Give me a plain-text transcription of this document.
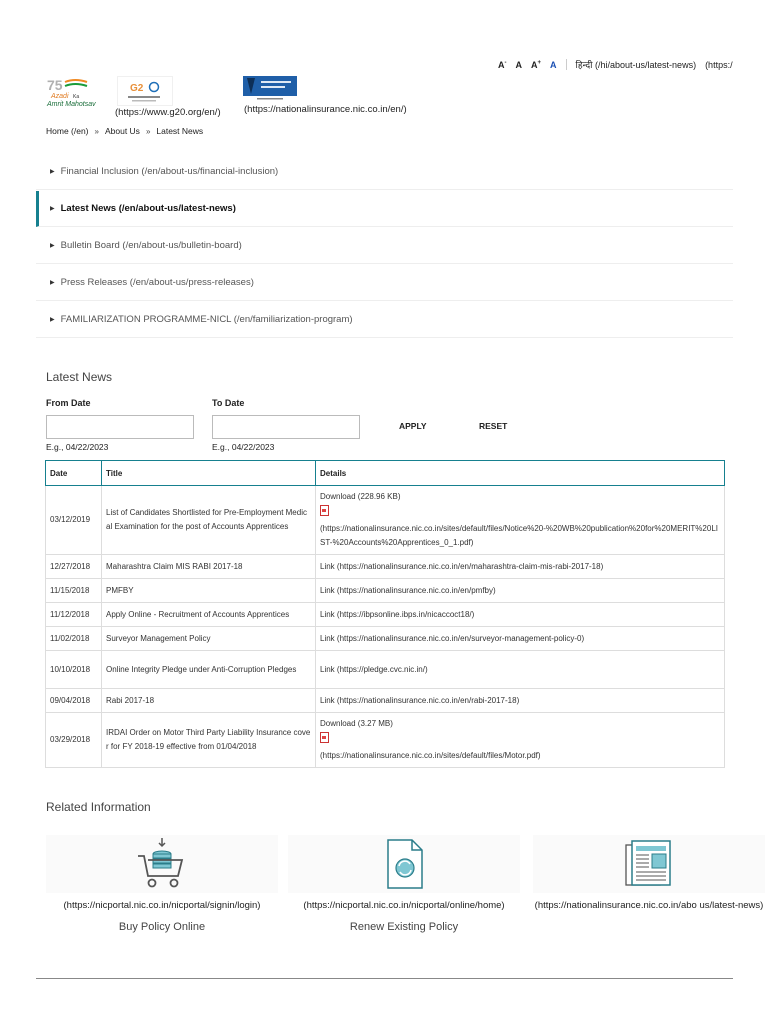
A- A A+ A हिन्दी (/hi/about-us/latest-news) (https:/
75
Azadi Ka
Amrit Mahotsav
G2
(https://www.g20.org/en/) (https://nationalinsurance.nic.co.in/en/)
Home (/en) » About Us » Latest News
▶ Financial Inclusion (/en/about-us/financial-inclusion)
▶ Latest News (/en/about-us/latest-news)
▶ Bulletin Board (/en/about-us/bulletin-board)
▶ Press Releases (/en/about-us/press-releases)
▶ FAMILIARIZATION PROGRAMME-NICL (/en/familiarization-program)
Latest News
From Date	To Date
E.g., 04/22/2023	E.g., 04/22/2023
APPLY	RESET
Date	Title	Details
03/12/2019	List of Candidates Shortlisted for Pre-Employment Medical Examination for the post of Accounts Apprentices	Download (228.96 KB)

(https://nationalinsurance.nic.co.in/sites/default/files/Notice%20-%20WB%20publication%20for%20MERIT%20LIST-%20Accounts%20Apprentices_0_1.pdf)
12/27/2018	Maharashtra Claim MIS RABI 2017-18	Link (https://nationalinsurance.nic.co.in/en/maharashtra-claim-mis-rabi-2017-18)
11/15/2018	PMFBY	Link (https://nationalinsurance.nic.co.in/en/pmfby)
11/12/2018	Apply Online - Recruitment of Accounts Apprentices	Link (https://ibpsonline.ibps.in/nicaccoct18/)
11/02/2018	Surveyor Management Policy	Link (https://nationalinsurance.nic.co.in/en/surveyor-management-policy-0)
10/10/2018	Online Integrity Pledge under Anti-Corruption Pledges	Link (https://pledge.cvc.nic.in/)
09/04/2018	Rabi 2017-18	Link (https://nationalinsurance.nic.co.in/en/rabi-2017-18)
03/29/2018	IRDAI Order on Motor Third Party Liability Insurance cover for FY 2018-19 effective from 01/04/2018	Download (3.27 MB)

(https://nationalinsurance.nic.co.in/sites/default/files/Motor.pdf)
Related Information
(https://nicportal.nic.co.in/nicportal/signin/login)
Buy Policy Online
(https://nicportal.nic.co.in/nicportal/online/home)
Renew Existing Policy
(https://nationalinsurance.nic.co.in/abo us/latest-news)
